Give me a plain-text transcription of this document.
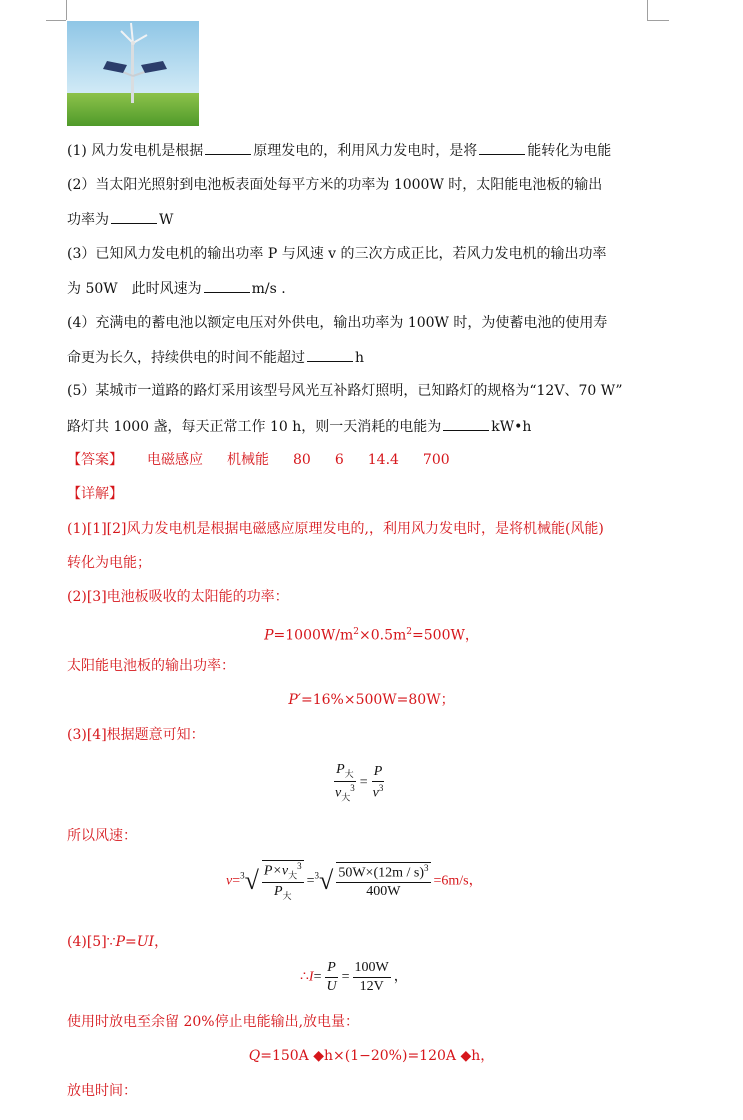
(1) 风力发电机是根据	原理发电的，利用风力发电时，是将	能转化为电能
(2）当太阳光照射到电池板表面处每平方米的功率为 1000W 时，太阳能电池板的输出
功率为	W
(3）已知风力发电机的输出功率 P 与风速 v 的三次方成正比，若风力发电机的输出功率
为 50W　此时风速为	m/s .
(4）充满电的蓄电池以额定电压对外供电，输出功率为 100W 时，为使蓄电池的使用寿
命更为长久，持续供电的时间不能超过	h
(5）某城市一道路的路灯采用该型号风光互补路灯照明，已知路灯的规格为“12V、70 W”
路灯共 1000 盏，每天正常工作 10 h，则一天消耗的电能为	kW•h
【答案】 电磁感应 机械能 80 6 14.4 700
【详解】
(1)[1][2]风力发电机是根据电磁感应原理发电的,，利用风力发电时，是将机械能(风能)
转化为电能；
(2)[3]电池板吸收的太阳能的功率：
$P=1000W/m^2\times 0.5m^2=500W$，
太阳能电池板的输出功率：
P′=16%×500W=80W；
(3)[4]根据题意可知：
$\frac{P_大}{v_大^3} = \frac{P}{v^3}$
所以风速：
$v=^3√ \frac{P\times v_大^3}{P_大} =^3√ \frac{50W\times(12m / s)^3}{400W} =6m/s$，
(4)[5]∵P=UI，
∴I= $\frac{P}{U} = \frac{100W}{12V}$ ，
使用时放电至余留 20%停止电能输出,放电量：
Q=150A ◆h×(1−20%)=120A ◆h，
放电时间：
